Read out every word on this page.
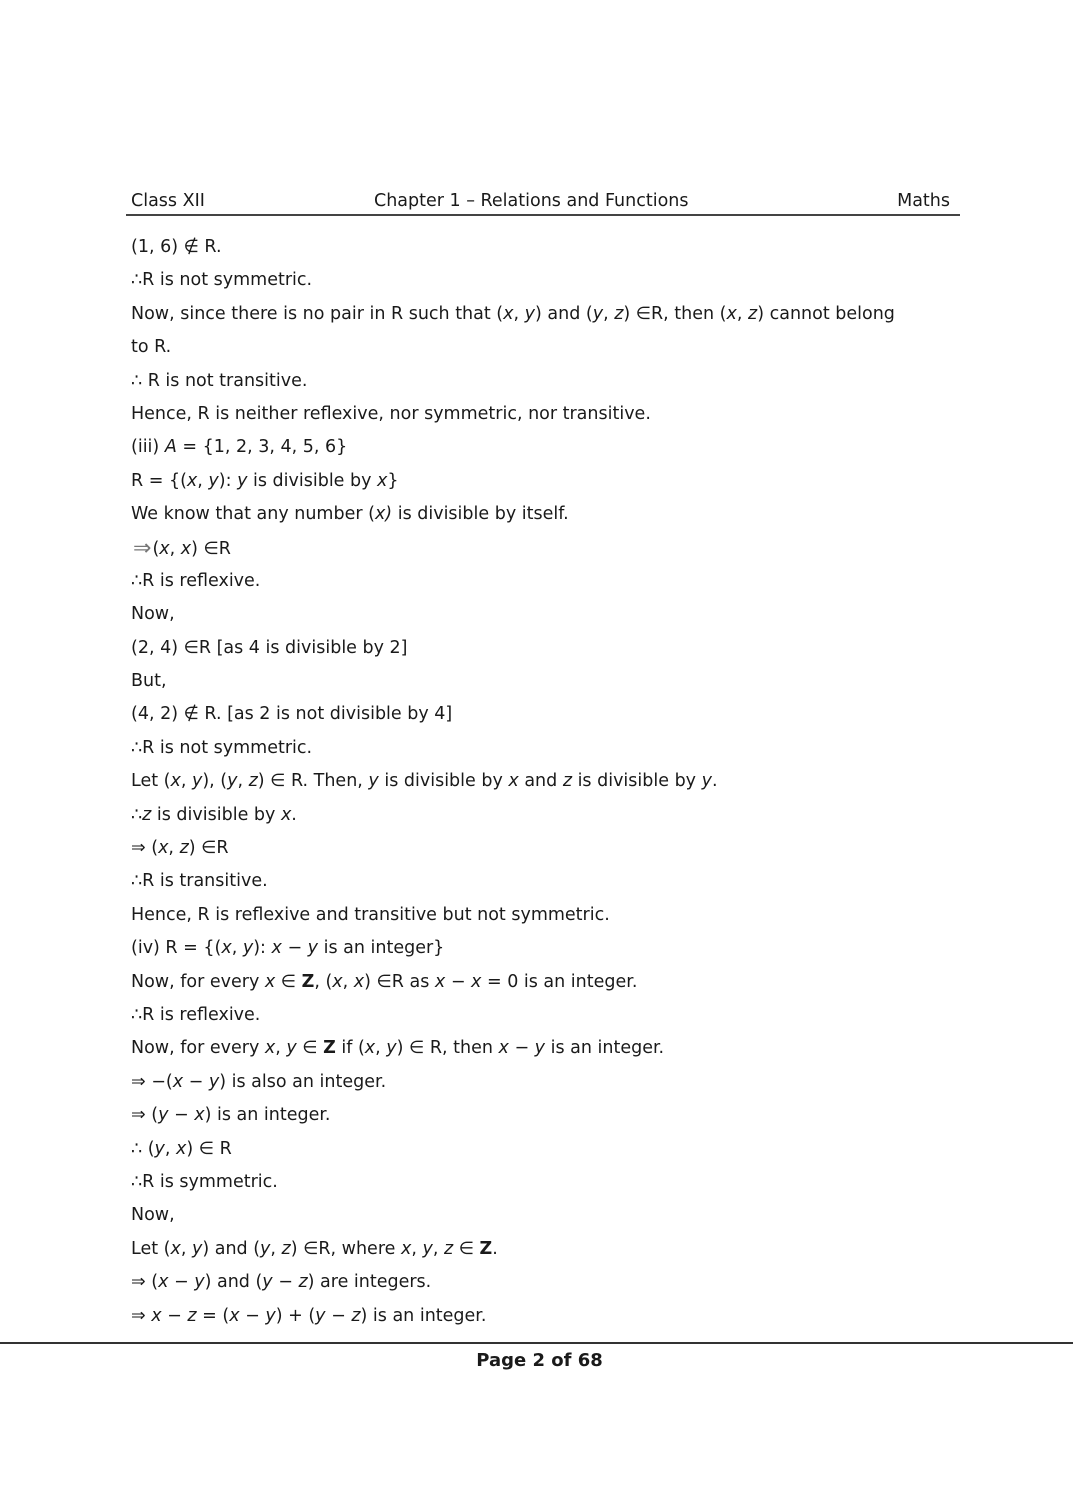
Class XII	Chapter 1 – Relations and Functions	Maths
(1, 6) ∉ R.
∴R is not symmetric.
Now, since there is no pair in R such that (x, y) and (y, z) ∈R, then (x, z) cannot belong
to R.
∴ R is not transitive.
Hence, R is neither reflexive, nor symmetric, nor transitive.
(iii) A = {1, 2, 3, 4, 5, 6}
R = {(x, y): y is divisible by x}
We know that any number (x) is divisible by itself.
⇒(x, x) ∈R
∴R is reflexive.
Now,
(2, 4) ∈R [as 4 is divisible by 2]
But,
(4, 2) ∉ R. [as 2 is not divisible by 4]
∴R is not symmetric.
Let (x, y), (y, z) ∈ R. Then, y is divisible by x and z is divisible by y.
∴z is divisible by x.
⇒ (x, z) ∈R
∴R is transitive.
Hence, R is reflexive and transitive but not symmetric.
(iv) R = {(x, y): x − y is an integer}
Now, for every x ∈ Z, (x, x) ∈R as x − x = 0 is an integer.
∴R is reflexive.
Now, for every x, y ∈ Z if (x, y) ∈ R, then x − y is an integer.
⇒ −(x − y) is also an integer.
⇒ (y − x) is an integer.
∴ (y, x) ∈ R
∴R is symmetric.
Now,
Let (x, y) and (y, z) ∈R, where x, y, z ∈ Z.
⇒ (x − y) and (y − z) are integers.
⇒ x − z = (x − y) + (y − z) is an integer.
Page 2 of 68
